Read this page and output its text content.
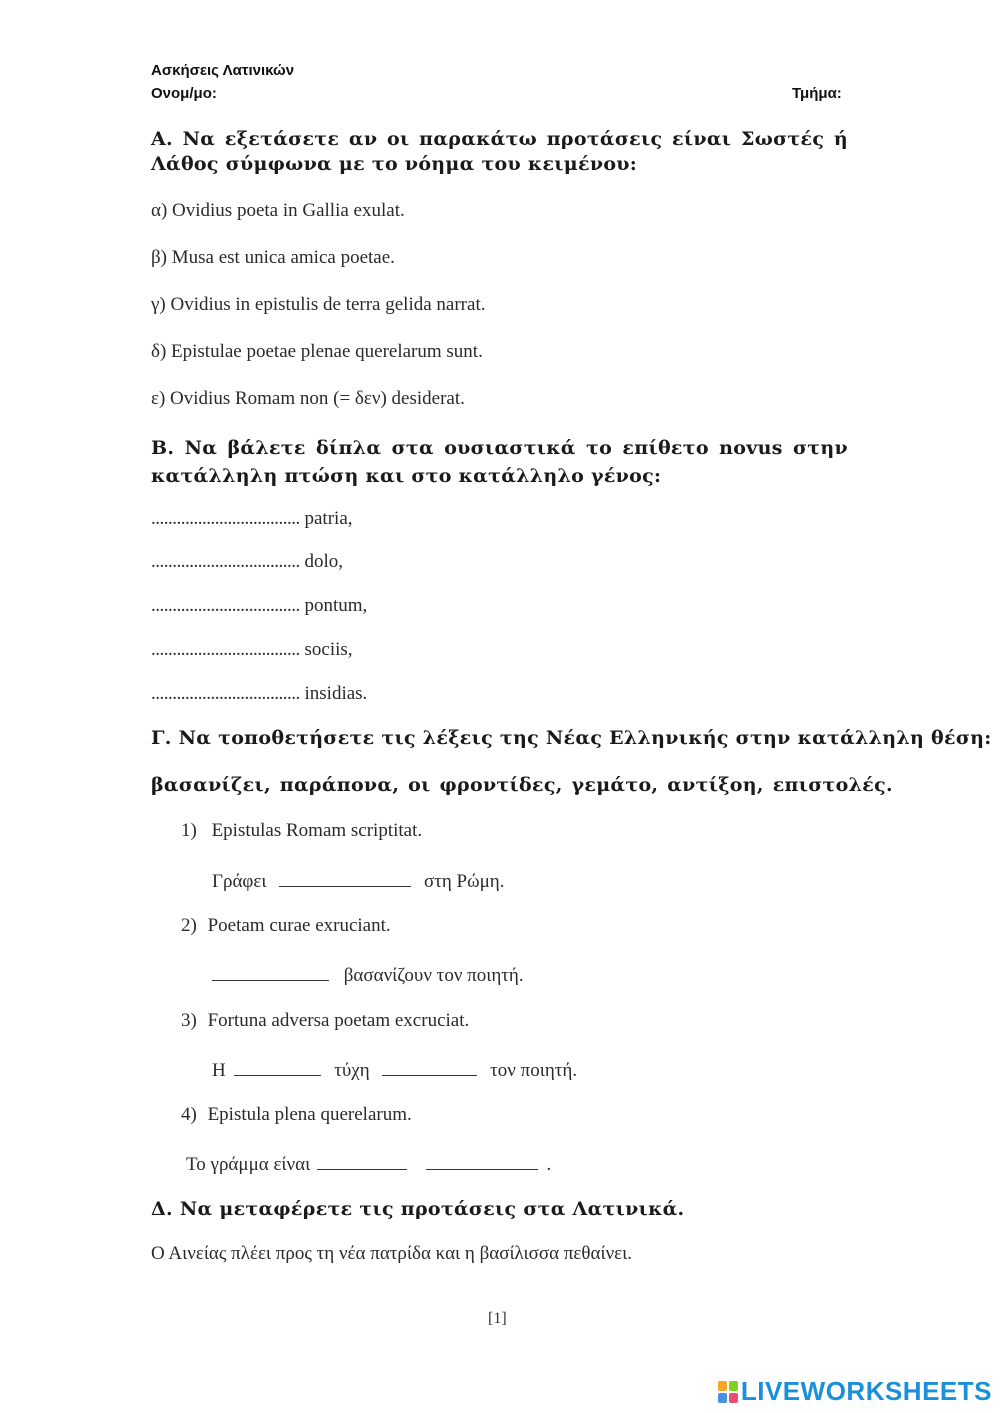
Ασκήσεις Λατινικών
Ονομ/μο:	Τμήμα:
Α. Να εξετάσετε αν οι παρακάτω προτάσεις είναι Σωστές ή Λάθος σύμφωνα με το νόημα του κειμένου:
α) Ovidius poeta in Gallia exulat.
β) Musa est unica amica poetae.
γ) Ovidius in epistulis de terra gelida narrat.
δ) Epistulae poetae plenae querelarum sunt.
ε) Ovidius Romam non (= δεν) desiderat.
Β. Να βάλετε δίπλα στα ουσιαστικά το επίθετο novus στην κατάλληλη πτώση και στο κατάλληλο γένος:
................................... patria,
................................... dolo,
................................... pontum,
................................... sociis,
................................... insidias.
Γ. Να τοποθετήσετε τις λέξεις της Νέας Ελληνικής στην κατάλληλη θέση:
βασανίζει, παράπονα, οι φροντίδες, γεμάτο, αντίξοη, επιστολές.
1) Epistulas Romam scriptitat.
Γράφει	στη Ρώμη.
2) Poetam curae exruciant.
βασανίζουν τον ποιητή.
3) Fortuna adversa poetam excruciat.
Η	τύχη	τον ποιητή.
4) Epistula plena querelarum.
Το γράμμα είναι	.
Δ. Να μεταφέρετε τις προτάσεις στα Λατινικά.
Ο Αινείας πλέει προς τη νέα πατρίδα και η βασίλισσα πεθαίνει.
[1]
LIVEWORKSHEETS
